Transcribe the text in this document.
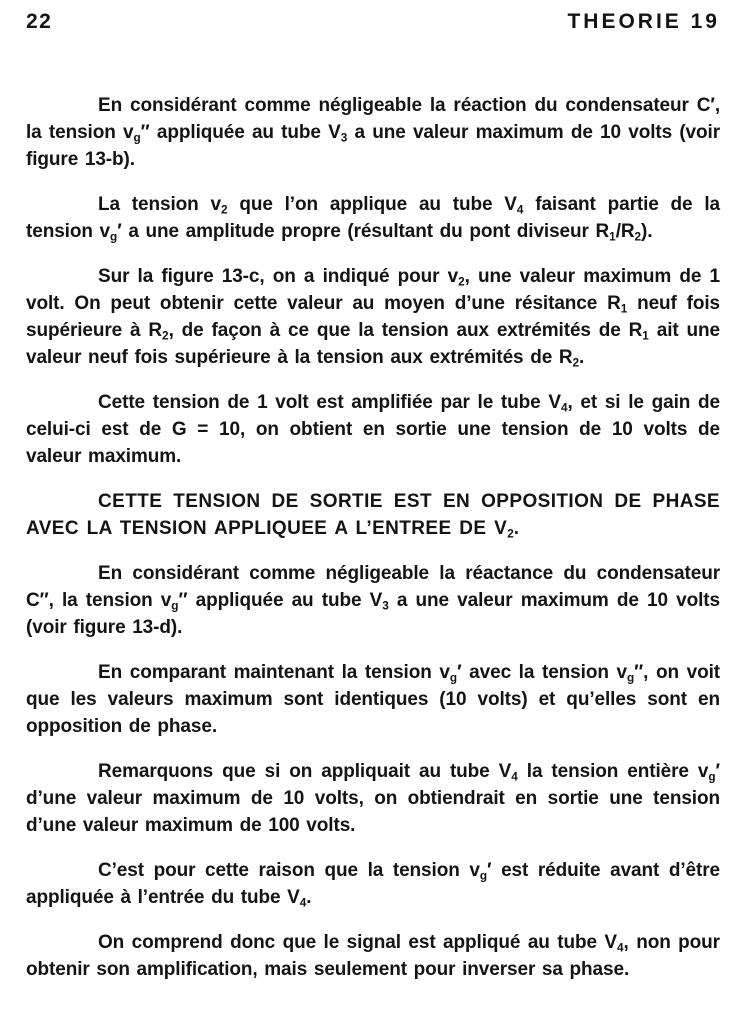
22	THEORIE 19

En considérant comme négligeable la réaction du condensateur C′, la tension $v_g''$ appliquée au tube $V_3$ a une valeur maximum de 10 volts (voir figure 13-b).

La tension $v_2$ que l’on applique au tube $V_4$ faisant partie de la tension $v_g'$ a une amplitude propre (résultant du pont diviseur $R_1/R_2$).

Sur la figure 13-c, on a indiqué pour $v_2$, une valeur maximum de 1 volt. On peut obtenir cette valeur au moyen d’une résitance $R_1$ neuf fois supérieure à $R_2$, de façon à ce que la tension aux extrémités de $R_1$ ait une valeur neuf fois supérieure à la tension aux extrémités de $R_2$.

Cette tension de 1 volt est amplifiée par le tube $V_4$, et si le gain de celui-ci est de G = 10, on obtient en sortie une tension de 10 volts de valeur maximum.

CETTE TENSION DE SORTIE EST EN OPPOSITION DE PHASE AVEC LA TENSION APPLIQUEE A L’ENTREE DE $V_2$.

En considérant comme négligeable la réactance du condensateur C″, la tension $v_g''$ appliquée au tube $V_3$ a une valeur maximum de 10 volts (voir figure 13-d).

En comparant maintenant la tension $v_g'$ avec la tension $v_g''$, on voit que les valeurs maximum sont identiques (10 volts) et qu’elles sont en opposition de phase.

Remarquons que si on appliquait au tube $V_4$ la tension entière $v_g'$ d’une valeur maximum de 10 volts, on obtiendrait en sortie une tension d’une valeur maximum de 100 volts.

C’est pour cette raison que la tension $v_g'$ est réduite avant d’être appliquée à l’entrée du tube $V_4$.

On comprend donc que le signal est appliqué au tube $V_4$, non pour obtenir son amplification, mais seulement pour inverser sa phase.
